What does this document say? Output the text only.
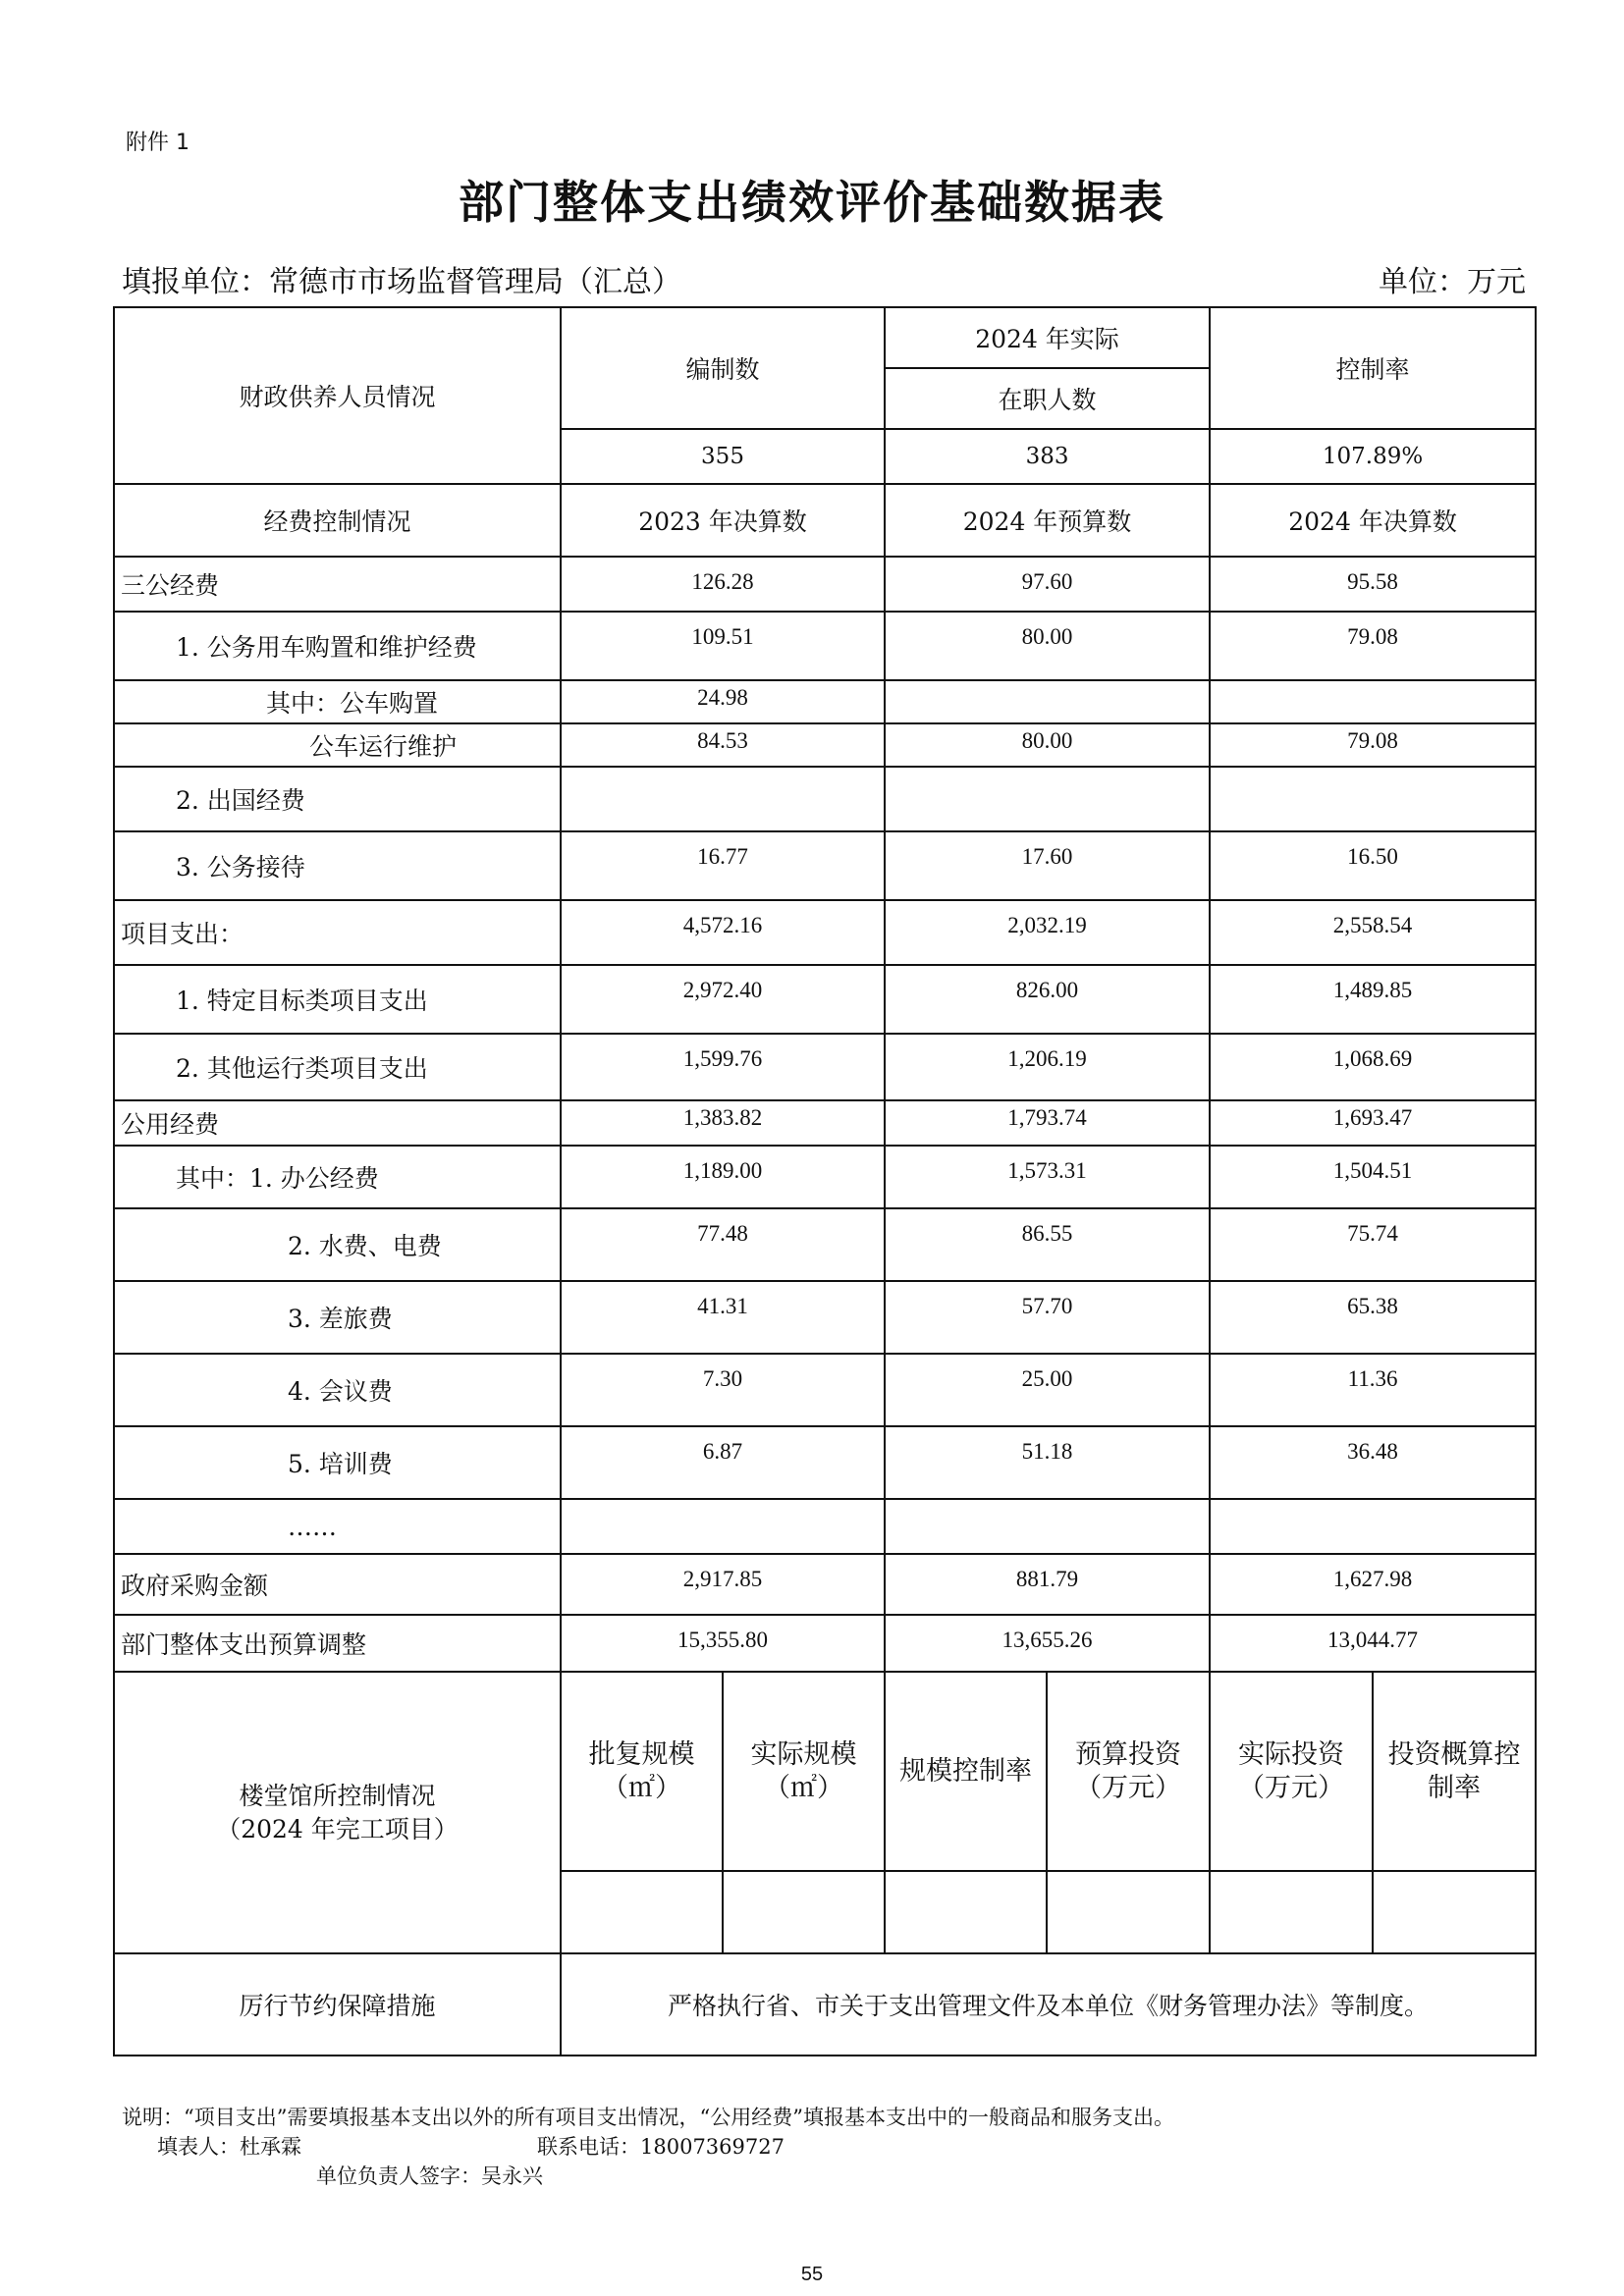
附件 1
部门整体支出绩效评价基础数据表
填报单位：常德市市场监督管理局（汇总）	单位：万元
财政供养人员情况	编制数		2024 年实际		控制率	
			在职人数			
	355		383		107.89%	
经费控制情况	2023 年决算数		2024 年预算数		2024 年决算数	
三公经费	126.28		97.60		95.58	
1. 公务用车购置和维护经费	109.51		80.00		79.08	
其中：公车购置	24.98					
公车运行维护	84.53		80.00		79.08	
2. 出国经费						
3. 公务接待	16.77		17.60		16.50	
项目支出：	4,572.16		2,032.19		2,558.54	
1. 特定目标类项目支出	2,972.40		826.00		1,489.85	
2. 其他运行类项目支出	1,599.76		1,206.19		1,068.69	
公用经费	1,383.82		1,793.74		1,693.47	
其中：1. 办公经费	1,189.00		1,573.31		1,504.51	
2. 水费、电费	77.48		86.55		75.74	
3. 差旅费	41.31		57.70		65.38	
4. 会议费	7.30		25.00		11.36	
5. 培训费	6.87		51.18		36.48	
……						
政府采购金额	2,917.85		881.79		1,627.98	
部门整体支出预算调整	15,355.80		13,655.26		13,044.77	

楼堂馆所控制情况
（2024 年完工项目）	批复规模（㎡）	实际规模（㎡）	规模控制率	预算投资（万元）	实际投资（万元）	投资概算控制率

厉行节约保障措施	严格执行省、市关于支出管理文件及本单位《财务管理办法》等制度。					
说明：“项目支出”需要填报基本支出以外的所有项目支出情况，“公用经费”填报基本支出中的一般商品和服务支出。
填表人：杜承霖	联系电话：18007369727
单位负责人签字：吴永兴
55
